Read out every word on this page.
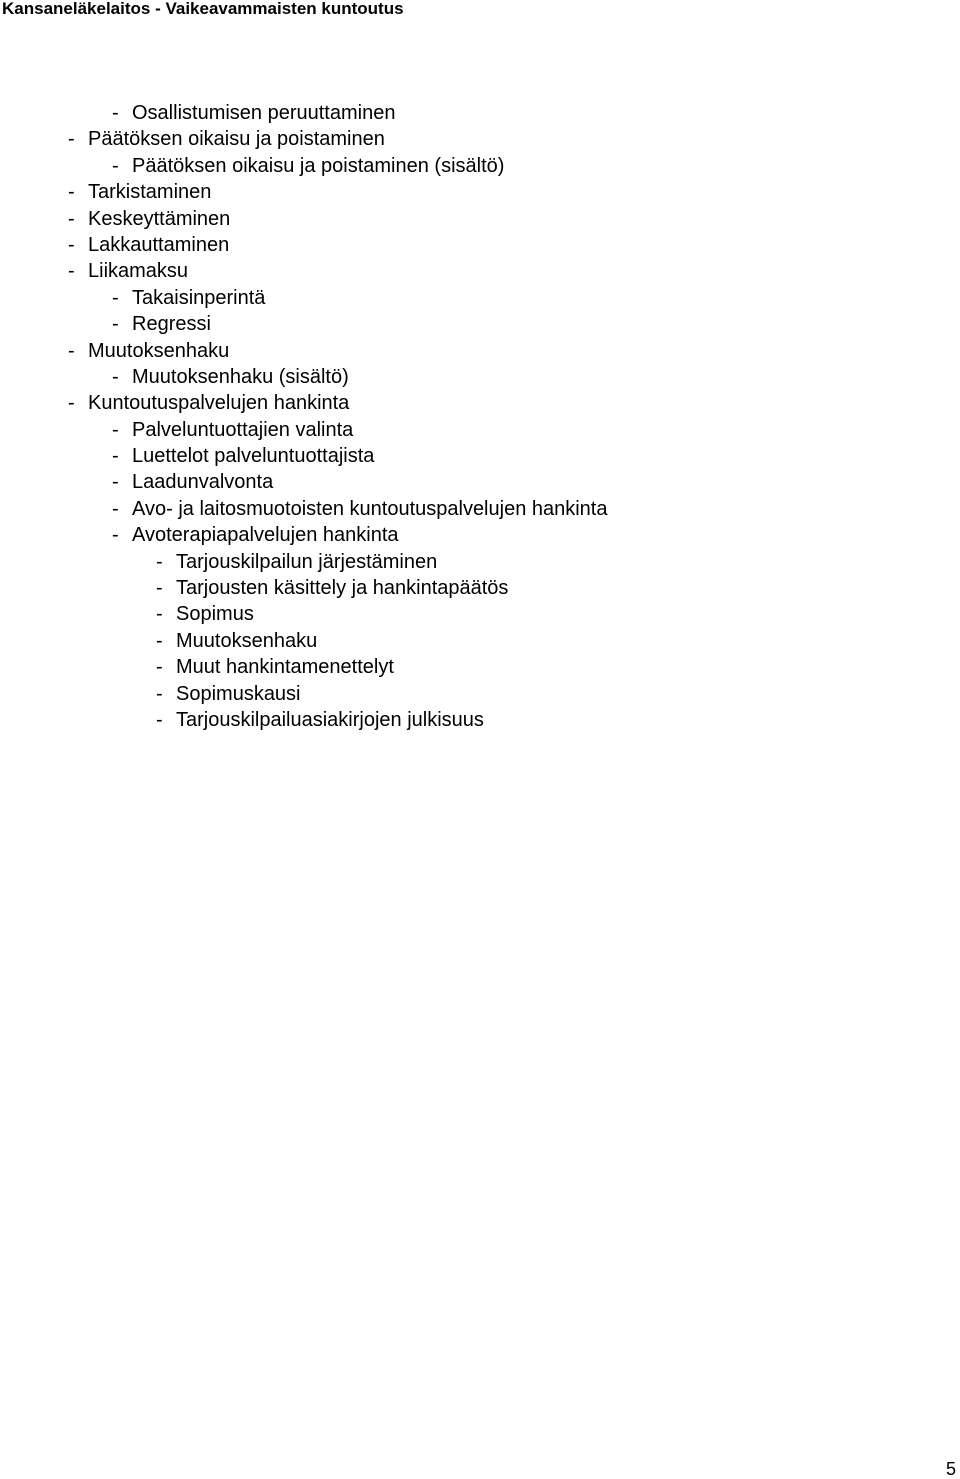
Kansaneläkelaitos - Vaikeavammaisten kuntoutus
- Osallistumisen peruuttaminen
- Päätöksen oikaisu ja poistaminen
- Päätöksen oikaisu ja poistaminen (sisältö)
- Tarkistaminen
- Keskeyttäminen
- Lakkauttaminen
- Liikamaksu
- Takaisinperintä
- Regressi
- Muutoksenhaku
- Muutoksenhaku (sisältö)
- Kuntoutuspalvelujen hankinta
- Palveluntuottajien valinta
- Luettelot palveluntuottajista
- Laadunvalvonta
- Avo- ja laitosmuotoisten kuntoutuspalvelujen hankinta
- Avoterapiapalvelujen hankinta
- Tarjouskilpailun järjestäminen
- Tarjousten käsittely ja hankintapäätös
- Sopimus
- Muutoksenhaku
- Muut hankintamenettelyt
- Sopimuskausi
- Tarjouskilpailuasiakirjojen julkisuus
5
